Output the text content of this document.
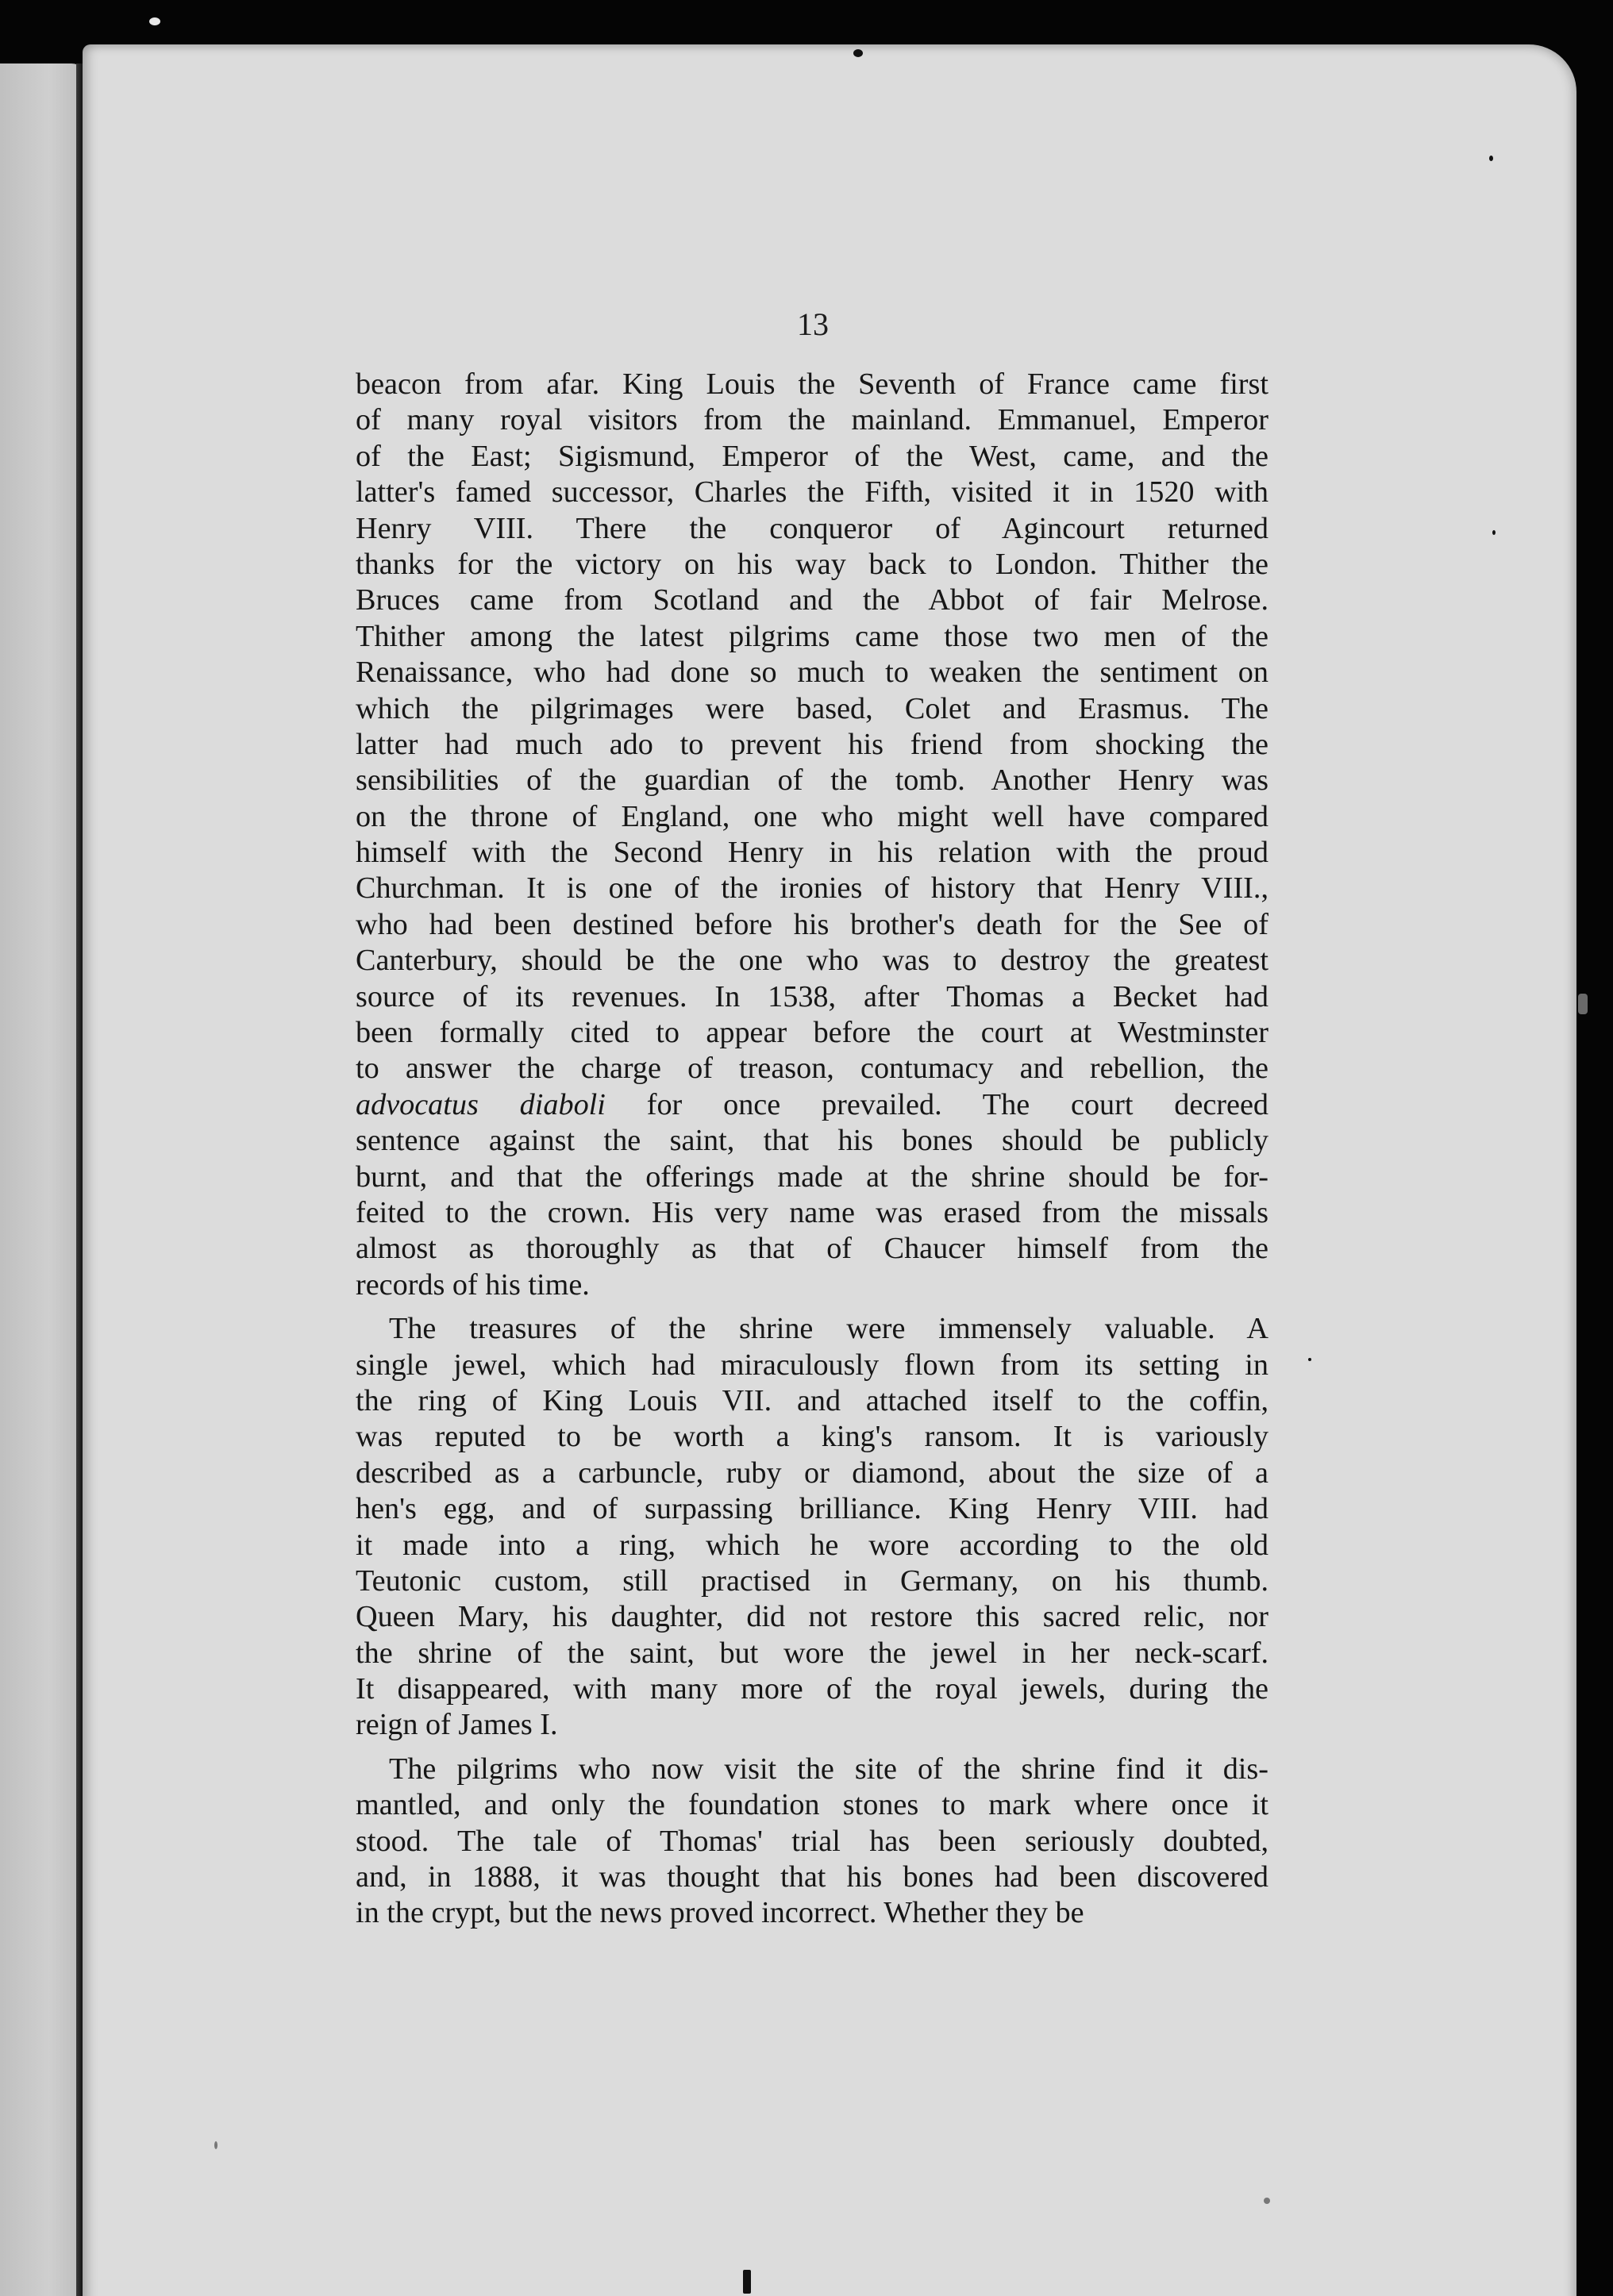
13
beacon from afar. King Louis the Seventh of France came first
of many royal visitors from the mainland. Emmanuel, Emperor
of the East; Sigismund, Emperor of the West, came, and the
latter's famed successor, Charles the Fifth, visited it in 1520 with
Henry VIII. There the conqueror of Agincourt returned
thanks for the victory on his way back to London. Thither the
Bruces came from Scotland and the Abbot of fair Melrose.
Thither among the latest pilgrims came those two men of the
Renaissance, who had done so much to weaken the sentiment on
which the pilgrimages were based, Colet and Erasmus. The
latter had much ado to prevent his friend from shocking the
sensibilities of the guardian of the tomb. Another Henry was
on the throne of England, one who might well have compared
himself with the Second Henry in his relation with the proud
Churchman. It is one of the ironies of history that Henry VIII.,
who had been destined before his brother's death for the See of
Canterbury, should be the one who was to destroy the greatest
source of its revenues. In 1538, after Thomas a Becket had
been formally cited to appear before the court at Westminster
to answer the charge of treason, contumacy and rebellion, the
advocatus diaboli for once prevailed. The court decreed
sentence against the saint, that his bones should be publicly
burnt, and that the offerings made at the shrine should be for-
feited to the crown. His very name was erased from the missals
almost as thoroughly as that of Chaucer himself from the
records of his time.
The treasures of the shrine were immensely valuable. A
single jewel, which had miraculously flown from its setting in
the ring of King Louis VII. and attached itself to the coffin,
was reputed to be worth a king's ransom. It is variously
described as a carbuncle, ruby or diamond, about the size of a
hen's egg, and of surpassing brilliance. King Henry VIII. had
it made into a ring, which he wore according to the old
Teutonic custom, still practised in Germany, on his thumb.
Queen Mary, his daughter, did not restore this sacred relic, nor
the shrine of the saint, but wore the jewel in her neck-scarf.
It disappeared, with many more of the royal jewels, during the
reign of James I.
The pilgrims who now visit the site of the shrine find it dis-
mantled, and only the foundation stones to mark where once it
stood. The tale of Thomas' trial has been seriously doubted,
and, in 1888, it was thought that his bones had been discovered
in the crypt, but the news proved incorrect. Whether they be
